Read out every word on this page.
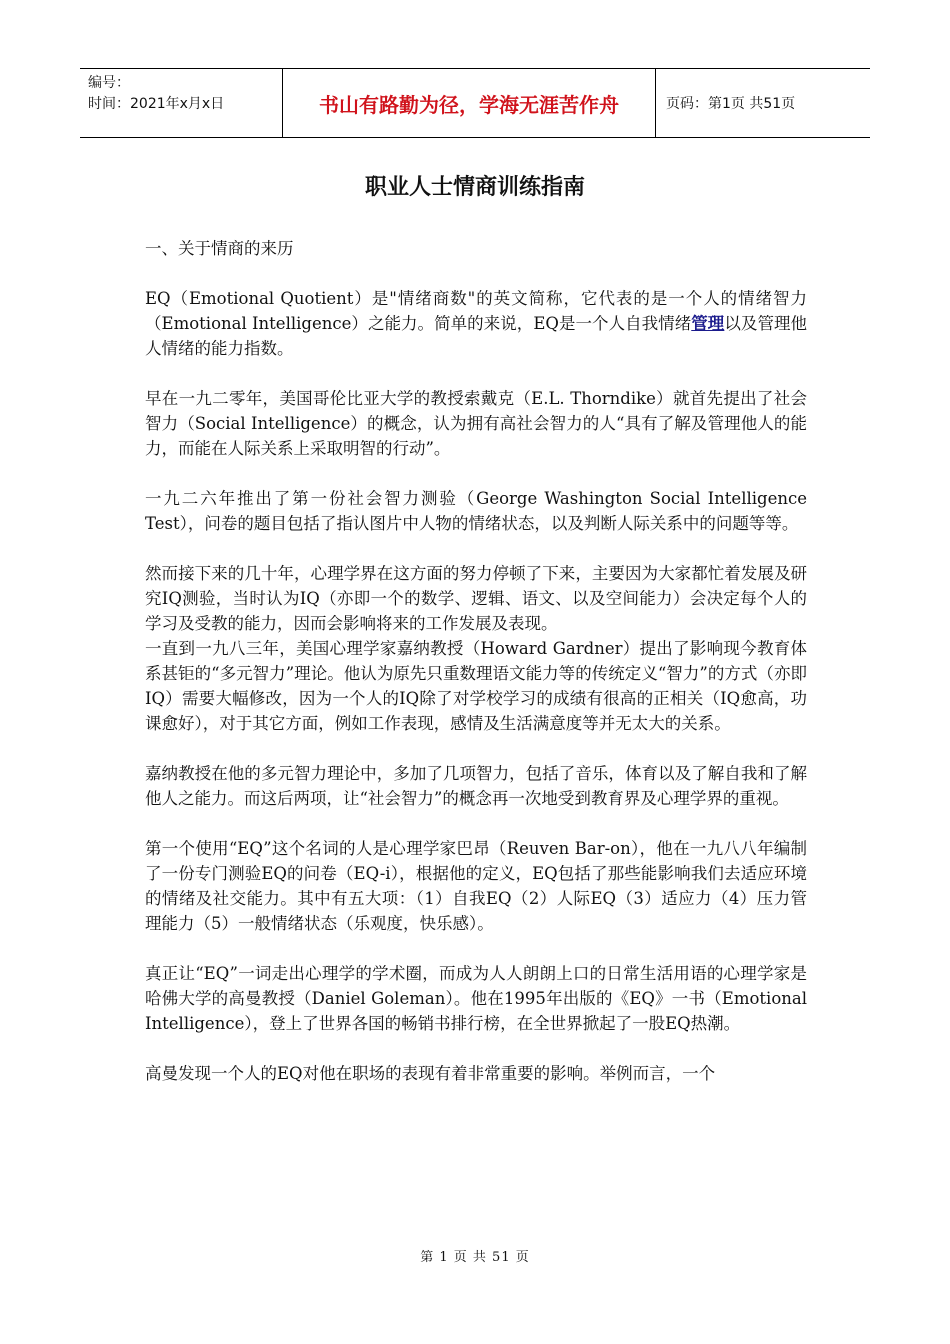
编号：
时间：2021年x月x日	书山有路勤为径，学海无涯苦作舟	页码：第1页 共51页
职业人士情商训练指南

一、关于情商的来历

EQ（Emotional Quotient）是"情绪商数"的英文简称，它代表的是一个人的情绪智力（Emotional Intelligence）之能力。简单的来说，EQ是一个人自我情绪管理以及管理他人情绪的能力指数。

早在一九二零年，美国哥伦比亚大学的教授索戴克（E.L. Thorndike）就首先提出了社会智力（Social Intelligence）的概念，认为拥有高社会智力的人“具有了解及管理他人的能力，而能在人际关系上采取明智的行动”。

一九二六年推出了第一份社会智力测验（George Washington Social Intelligence Test），问卷的题目包括了指认图片中人物的情绪状态，以及判断人际关系中的问题等等。

然而接下来的几十年，心理学界在这方面的努力停顿了下来，主要因为大家都忙着发展及研究IQ测验，当时认为IQ（亦即一个的数学、逻辑、语文、以及空间能力）会决定每个人的学习及受教的能力，因而会影响将来的工作发展及表现。

一直到一九八三年，美国心理学家嘉纳教授（Howard Gardner）提出了影响现今教育体系甚钜的“多元智力”理论。他认为原先只重数理语文能力等的传统定义“智力”的方式（亦即IQ）需要大幅修改，因为一个人的IQ除了对学校学习的成绩有很高的正相关（IQ愈高，功课愈好），对于其它方面，例如工作表现，感情及生活满意度等并无太大的关系。

嘉纳教授在他的多元智力理论中，多加了几项智力，包括了音乐，体育以及了解自我和了解他人之能力。而这后两项，让“社会智力”的概念再一次地受到教育界及心理学界的重视。

第一个使用“EQ”这个名词的人是心理学家巴昂（Reuven Bar-on），他在一九八八年编制了一份专门测验EQ的问卷（EQ-i），根据他的定义，EQ包括了那些能影响我们去适应环境的情绪及社交能力。其中有五大项：（1）自我EQ（2）人际EQ（3）适应力（4）压力管理能力（5）一般情绪状态（乐观度，快乐感）。

真正让“EQ”一词走出心理学的学术圈，而成为人人朗朗上口的日常生活用语的心理学家是哈佛大学的高曼教授（Daniel Goleman）。他在1995年出版的《EQ》一书（Emotional Intelligence），登上了世界各国的畅销书排行榜，在全世界掀起了一股EQ热潮。

高曼发现一个人的EQ对他在职场的表现有着非常重要的影响。举例而言，一个

第 1 页 共 51 页
